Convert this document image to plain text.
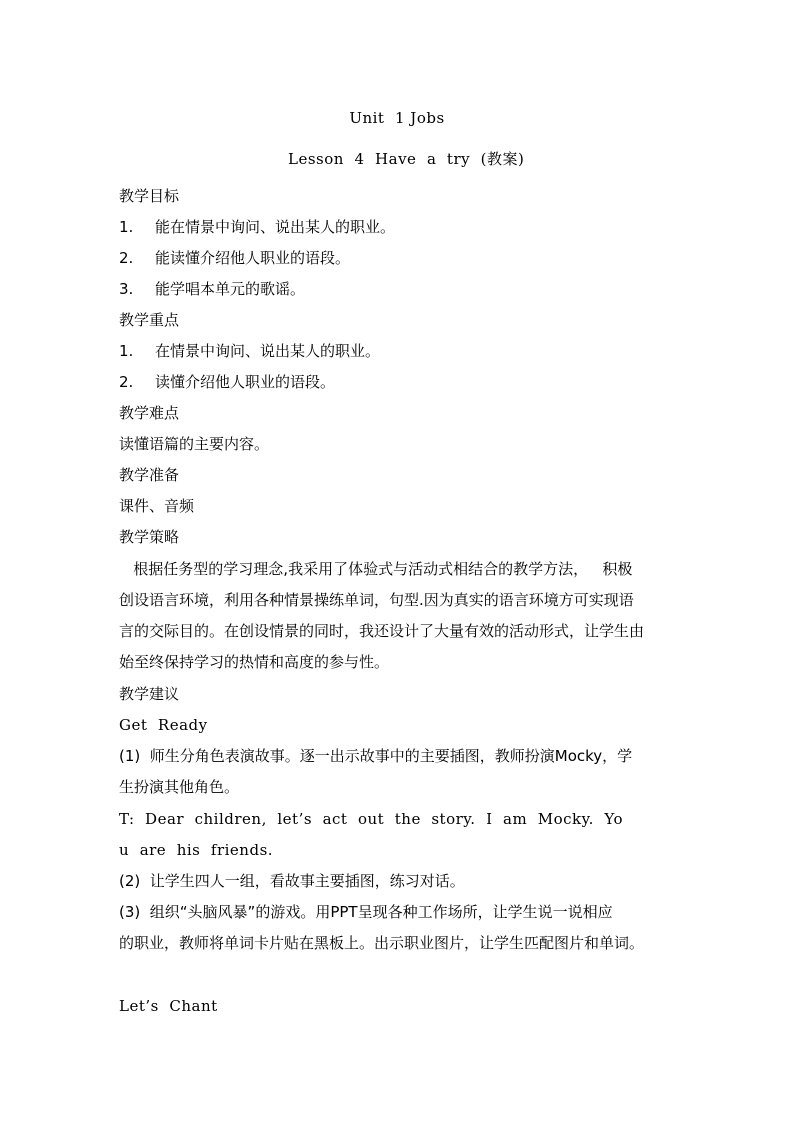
Unit  1 Jobs
Lesson  4  Have  a  try  (教案)
教学目标
1. 能在情景中询问、说出某人的职业。
2. 能读懂介绍他人职业的语段。
3. 能学唱本单元的歌谣。
教学重点
1. 在情景中询问、说出某人的职业。
2. 读懂介绍他人职业的语段。
教学难点
读懂语篇的主要内容。
教学准备
课件、音频
教学策略
根据任务型的学习理念,我采用了体验式与活动式相结合的教学方法，   积极
创设语言环境，利用各种情景操练单词，句型.因为真实的语言环境方可实现语
言的交际目的。在创设情景的同时，我还设计了大量有效的活动形式，让学生由
始至终保持学习的热情和高度的参与性。
教学建议
Get  Ready
(1)  师生分角色表演故事。逐一出示故事中的主要插图，教师扮演Mocky，学
生扮演其他角色。
T:  Dear  children,  let’s  act  out  the  story.  I  am  Mocky.  Yo
u  are  his  friends.
(2)  让学生四人一组，看故事主要插图，练习对话。
(3)  组织“头脑风暴”的游戏。用PPT呈现各种工作场所，让学生说一说相应
的职业，教师将单词卡片贴在黑板上。出示职业图片，让学生匹配图片和单词。
Let’s  Chant
